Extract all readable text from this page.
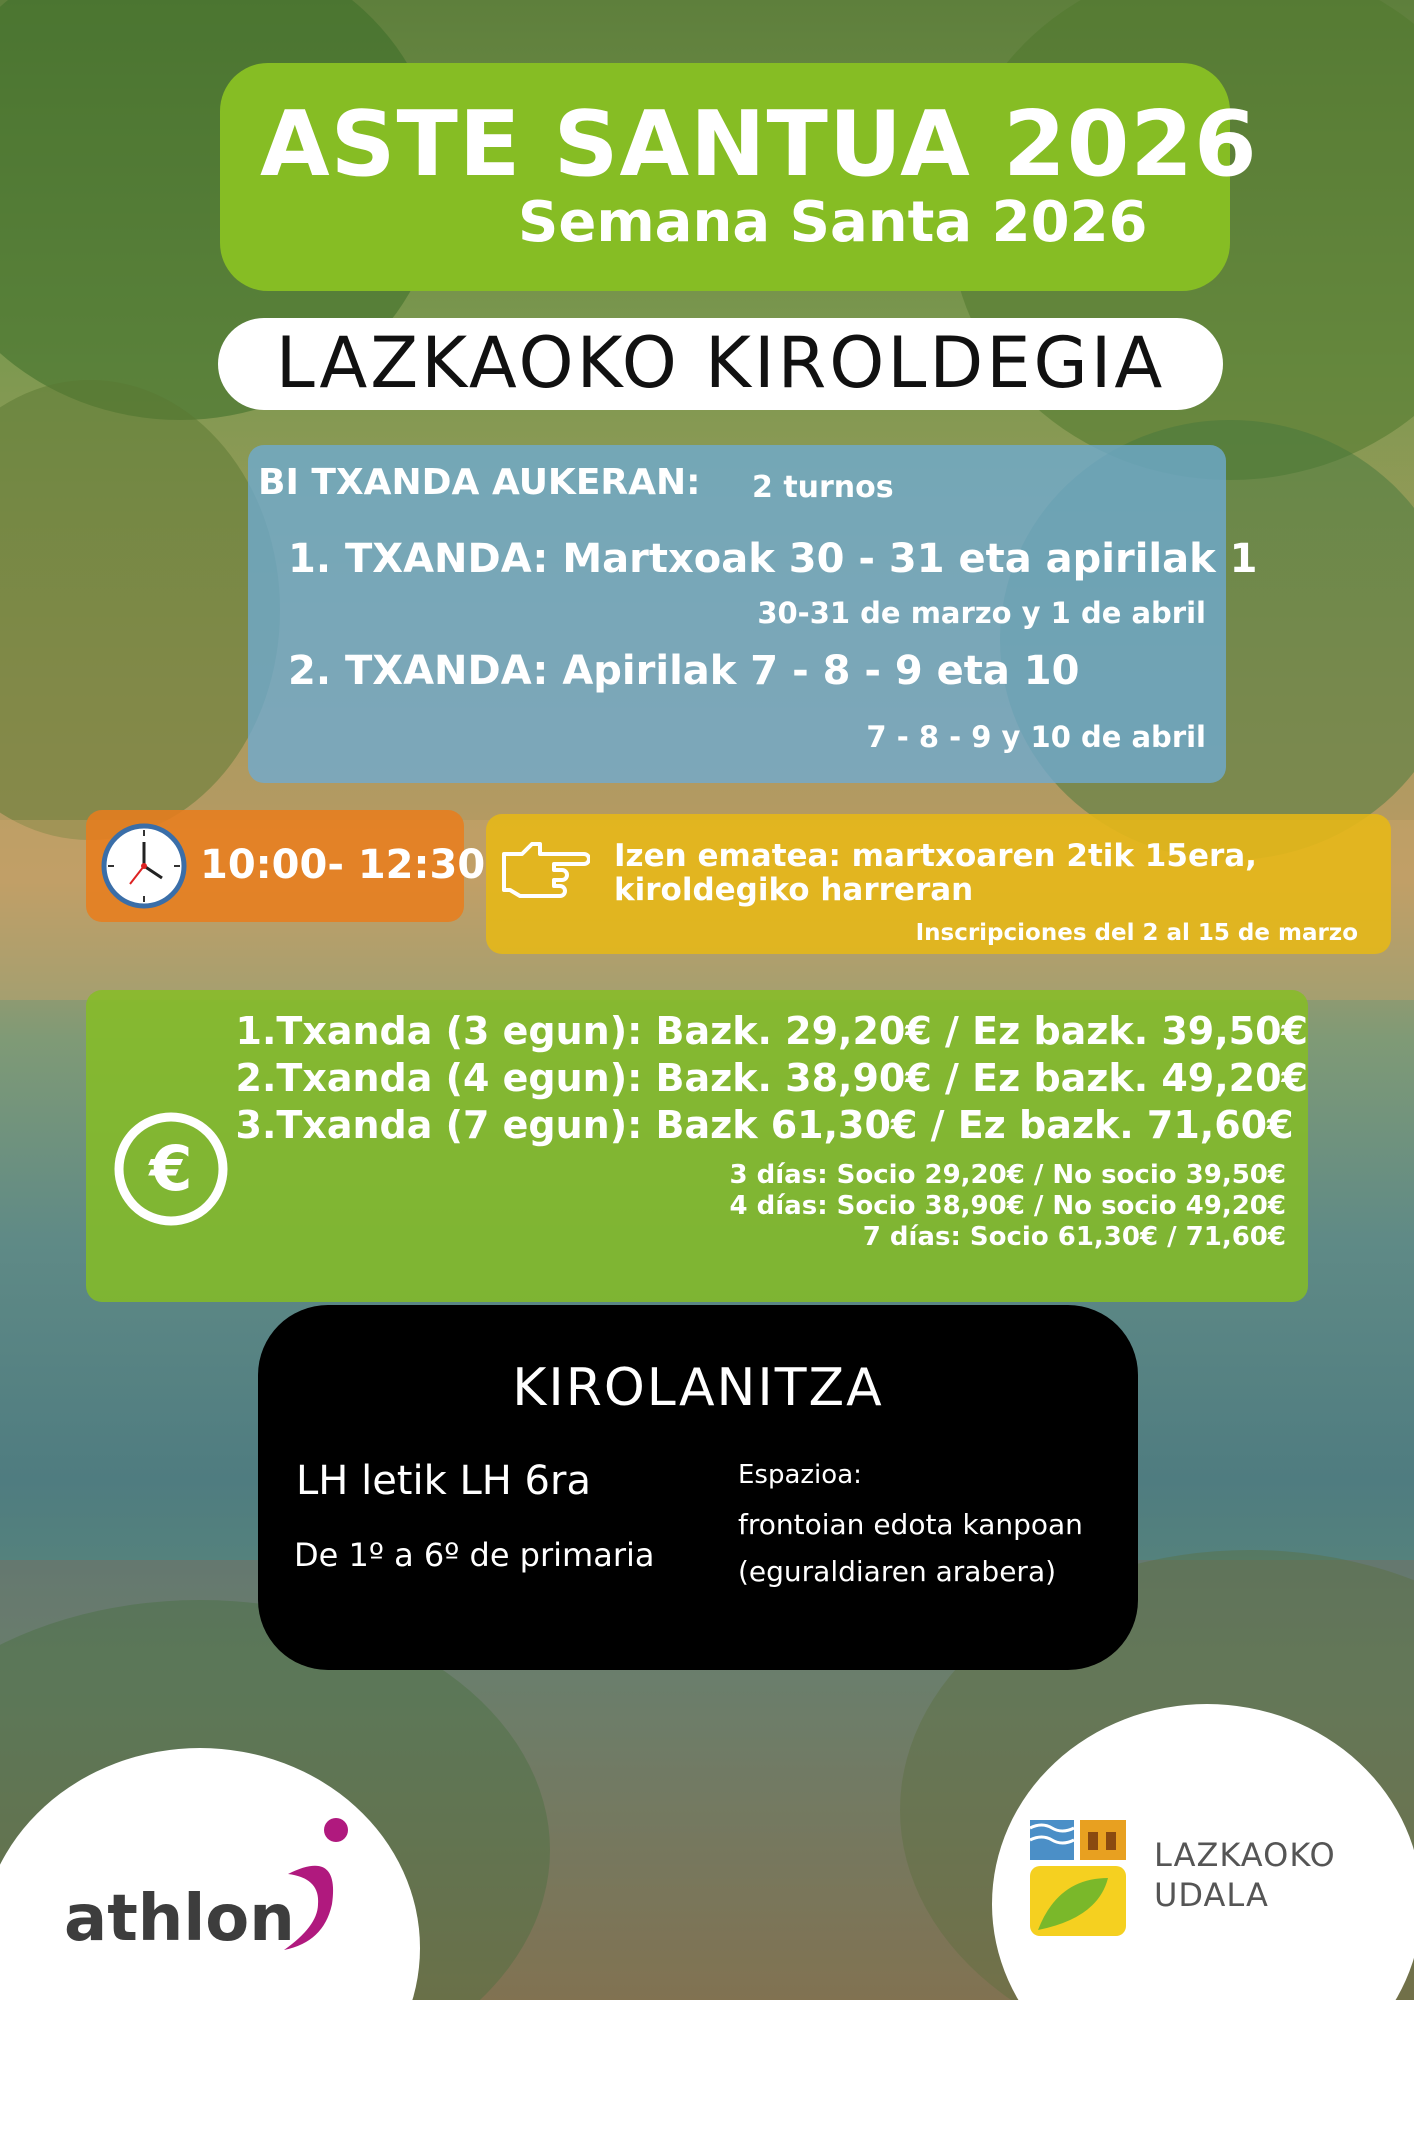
ASTE SANTUA 2026
Semana Santa 2026
LAZKAOKO KIROLDEGIA
BI TXANDA AUKERAN: 2 turnos
1. TXANDA: Martxoak 30 - 31 eta apirilak 1
30-31 de marzo y 1 de abril
2. TXANDA: Apirilak 7 - 8 - 9 eta 10
7 - 8 - 9 y 10 de abril
10:00- 12:30	Izen ematea: martxoaren 2tik 15era,
kiroldegiko harreran
Inscripciones del 2 al 15 de marzo
€
1.Txanda (3 egun): Bazk. 29,20€ / Ez bazk. 39,50€
2.Txanda (4 egun): Bazk. 38,90€ / Ez bazk. 49,20€
3.Txanda (7 egun): Bazk 61,30€ / Ez bazk. 71,60€
3 días: Socio 29,20€ / No socio 39,50€
4 días: Socio 38,90€ / No socio 49,20€
7 días: Socio 61,30€ / 71,60€
KIROLANITZA
LH letik LH 6ra
De 1º a 6º de primaria
Espazioa:
frontoian edotа kanpoan
(eguraldiaren arabera)
athlon
LAZKAOKO
UDALA
